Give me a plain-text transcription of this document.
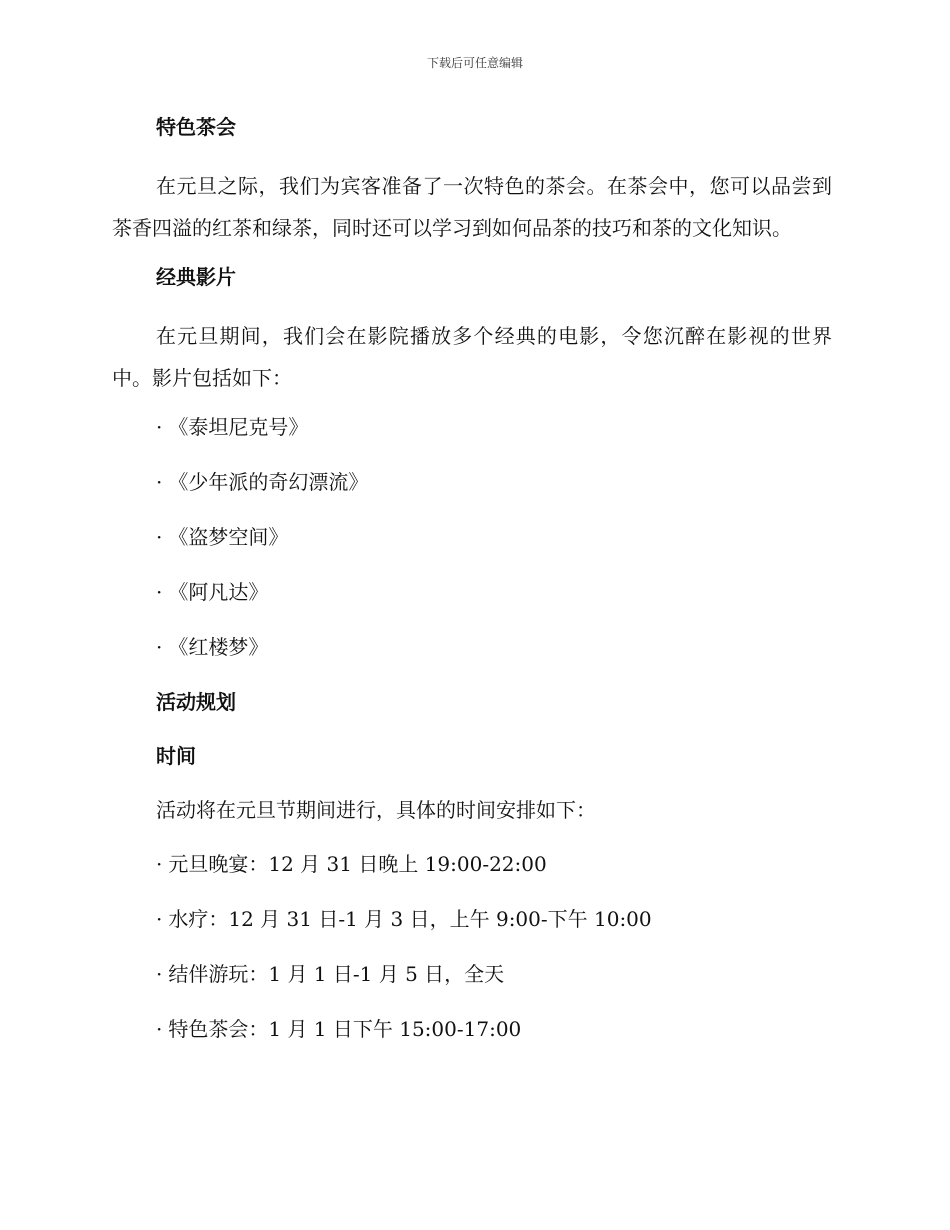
下载后可任意编辑
特色茶会

在元旦之际，我们为宾客准备了一次特色的茶会。在茶会中，您可以品尝到茶香四溢的红茶和绿茶，同时还可以学习到如何品茶的技巧和茶的文化知识。

经典影片

在元旦期间，我们会在影院播放多个经典的电影，令您沉醉在影视的世界中。影片包括如下：

· 《泰坦尼克号》
· 《少年派的奇幻漂流》
· 《盗梦空间》
· 《阿凡达》
· 《红楼梦》
活动规划
时间

活动将在元旦节期间进行，具体的时间安排如下：

· 元旦晚宴：12 月 31 日晚上 19:00-22:00
· 水疗：12 月 31 日-1 月 3 日，上午 9:00-下午 10:00
· 结伴游玩：1 月 1 日-1 月 5 日，全天
· 特色茶会：1 月 1 日下午 15:00-17:00
